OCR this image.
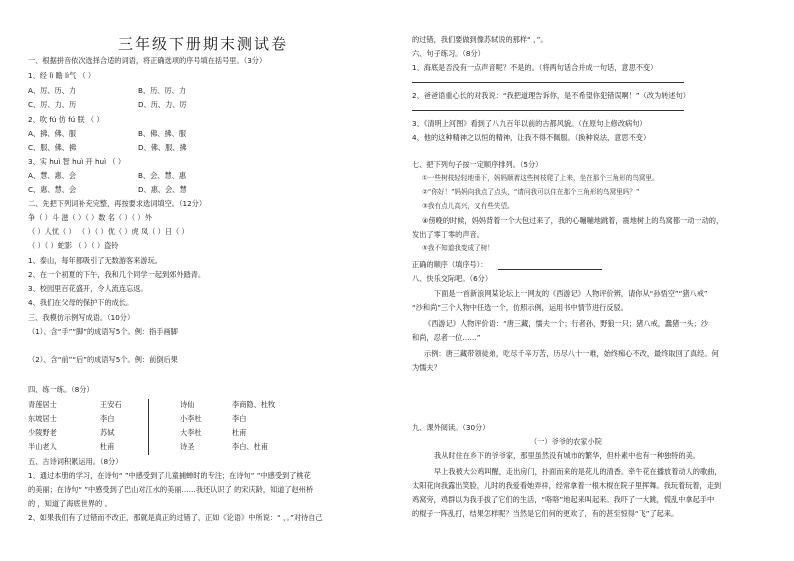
三年级下册期末测试卷
一、根据拼音依次选择合适的词语，将正确选项的序号填在括号里。（3分）
1、经 lì 瞻 lì气 （ ）
A、厉、历、力	B、历、厉、力
C、厉、力、历	D、历、力、厉
2、吹 fú 仿 fú 朕 （ ）
A、拂、佛、服	B、佛、拂、服
C、服、佛、拂	D、佛、服、拂
3、实 huì 智 huì 开 huì （ ）
A、慧、惠、会	B、会、慧、惠
C、惠、慧、会	D、惠、会、慧
二、先把下列词补充完整，再按要求选词填空。（12分）
争（ ）斗 滋（ ）（ ）数 名（ ）（ ）外
（ ）人忧（ ） （ ）（ ）优（ ）虎 凤（ ）日（ ）
（ ）（ ）蛇影 （ ）（ ）盗铃
1、泰山，每年都吸引了无数游客来游玩。
2、在一个初夏的下午，我和几个同学一起到郊外踏青。
3、校园里百花盛开，令人流连忘返。
4、我们在父母的保护下的成长。
三、我模仿示例写成语。（10分）
（1）、含“手”“脚”的成语写5个。例：指手画脚
（2）、含“前”“后”的成语写5个。例：前倒后果
四、练一练。（8分）
青莲居士	王安石	诗仙	李商隐、杜牧
东坡居士	李白	小李杜	李白
少陵野老	苏轼	大李杜	杜甫
半山老人	杜甫	诗圣	李白、杜甫
五、古诗词积累运用。（8分）
1、通过本册的学习，在诗句“ ”中感受到了儿童捕蝉时的专注；在诗句“ ”中感受到了桃花
的美丽；在诗句“ ”中感受到了巴山对江水的美丽……我还认识了 的宋庆龄，知道了赵州桥
的 ，知道了海底世界的 。
2、如果我们有了过错而不改正，那就是真正的过错了，正如《论语》中所说：“ ，。”对待自己
的过错，我们要做到像苏轼说的那样“ ，”。
六、句子练习。（8分）
1、海底是否没有一点声音呢？不是的。（将两句话合并成一句话，意思不变）
2、爸爸语重心长的对我说：“我把道理告诉你，是不希望你犯错误啊！”（改为转述句）
3、《清明上河图》看到了八九百年以前的古都风貌。（在原句上修改病句）
4、他的这种精神之以恒的精神，让我不得不佩服。（换种说法，意思不变）
七、把下列句子按一定顺序排列。（5分）
①一些树枝轻轻地垂下，妈妈顺着这些树枝爬了上来，坐在那个三角形的鸟窝里。
②“你好！”妈妈向我点了点头，“请问我可以住在那个三角形的鸟窝里吗？”
③我有点儿高兴，又有些失望。
④傍晚的时候，妈妈背着一个大包过来了，我的心嘣嘣地跳着，震地树上的鸟窝都一动一动的，
发出了零丁零的声音。
⑤我不知道我变成了树！
正确的顺序（填序号）：
八、快乐交际吧。（6分）
下面是一首新浪网某论坛上一网友的《西游记》人物评价辨，请你从“孙悟空”“猪八戒”
“沙和尚”三个人物中任选一个，仿照示例，运用书中情节进行反驳。
《西游记》人物评价语：“唐三藏，懦夫一个；行者孙，野狼一只；猪八戒，蠢猪一头；沙
和尚，忍者一位……”
示例：唐三藏带领徒弟，吃尽千辛万苦，历尽八十一难，始终痴心不改，最终取回了真经。何
为懦夫？
九、课外阅读。（30分）
（一）爷爷的农家小院
我从时住在乡下的爷爷家，那里虽然没有城市的繁华，但朴素中也有一种独特的美。
早上我被大公鸡叫醒，走出房门，扑面而来的是花儿的清香。牵牛花在播放着动人的歌曲，
太阳花向我露出笑脸，儿时的我爱看她弄祥，经常拿着一根木棍在院子里挥舞。我玩着玩着，走到
鸡窝旁，鸡群以为我手拔了它们的生活，“咯咯”地起来叫起来。我吓了一大跳，慌乱中拿起手中
的棍子一阵乱打，结果怎样呢？当然是它们何的更欢了，有的甚至惊得“飞”了起来。
